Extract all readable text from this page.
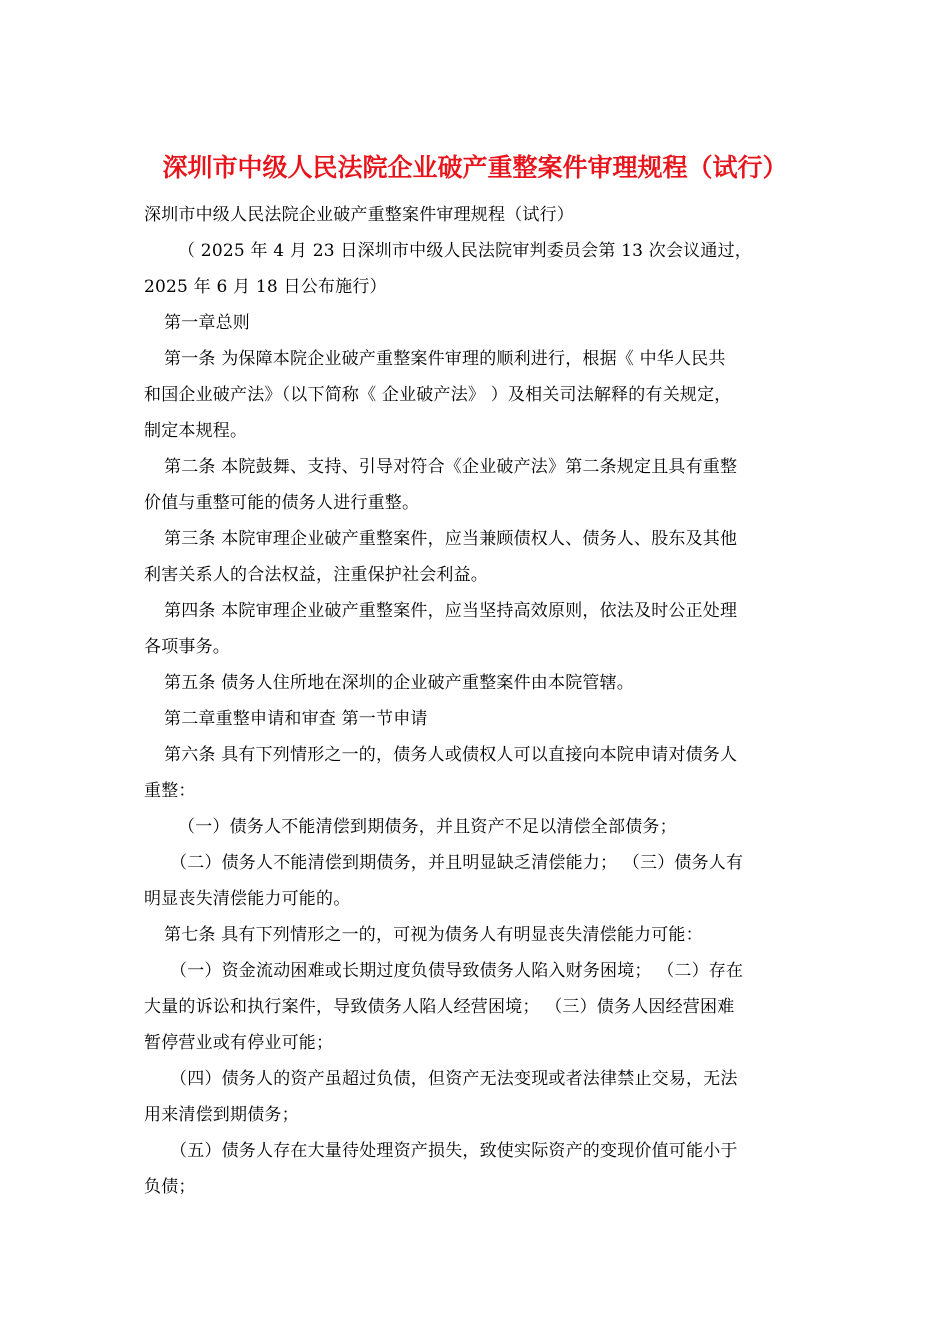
深圳市中级人民法院企业破产重整案件审理规程（试行）
深圳市中级人民法院企业破产重整案件审理规程（试行）
（ 2025 年 4 月 23 日深圳市中级人民法院审判委员会第 13 次会议通过，
2025 年 6 月 18 日公布施行）
第一章总则
第一条 为保障本院企业破产重整案件审理的顺利进行，根据《 中华人民共
和国企业破产法》（以下简称《 企业破产法》 ）及相关司法解释的有关规定，
制定本规程。
第二条 本院鼓舞、支持、引导对符合《企业破产法》第二条规定且具有重整
价值与重整可能的债务人进行重整。
第三条 本院审理企业破产重整案件，应当兼顾债权人、债务人、股东及其他
利害关系人的合法权益，注重保护社会利益。
第四条 本院审理企业破产重整案件，应当坚持高效原则，依法及时公正处理
各项事务。
第五条 债务人住所地在深圳的企业破产重整案件由本院管辖。
第二章重整申请和审查 第一节申请
第六条 具有下列情形之一的，债务人或债权人可以直接向本院申请对债务人
重整：
（一）债务人不能清偿到期债务，并且资产不足以清偿全部债务；
（二）债务人不能清偿到期债务，并且明显缺乏清偿能力； （三）债务人有
明显丧失清偿能力可能的。
第七条 具有下列情形之一的，可视为债务人有明显丧失清偿能力可能：
（一）资金流动困难或长期过度负债导致债务人陷入财务困境； （二）存在
大量的诉讼和执行案件，导致债务人陷人经营困境； （三）债务人因经营困难
暂停营业或有停业可能；
（四）债务人的资产虽超过负债，但资产无法变现或者法律禁止交易，无法
用来清偿到期债务；
（五）债务人存在大量待处理资产损失，致使实际资产的变现价值可能小于
负债；
